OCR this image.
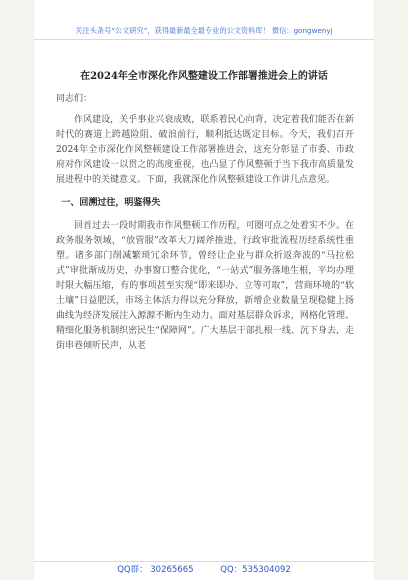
关注头条号“公文研究”，获得最新最全最专业的公文资料库！ 微信：gongwenyj
在2024年全市深化作风整建设工作部署推进会上的讲话

同志们：

作风建设，关乎事业兴衰成败，联系着民心向背，决定着我们能否在新时代的赛道上跨越险阻、破浪前行，顺利抵达既定目标。今天，我们召开2024年全市深化作风整顿建设工作部署推进会，这充分彰显了市委、市政府对作风建设一以贯之的高度重视，也凸显了作风整顿于当下我市高质量发展进程中的关键意义。下面，我就深化作风整顿建设工作讲几点意见。

一、回溯过往，明鉴得失

回首过去一段时期我市作风整顿工作历程，可圈可点之处着实不少。在政务服务领域，“放管服”改革大刀阔斧推进，行政审批流程历经系统性重塑。诸多部门削减繁琐冗余环节，曾经让企业与群众折返奔波的“马拉松式”审批渐成历史，办事窗口整合优化，“一站式”服务落地生根，平均办理时限大幅压缩，有的事项甚至实现“即来即办、立等可取”，营商环境的“软土壤”日益肥沃，市场主体活力得以充分释放，新增企业数量呈现稳健上扬曲线为经济发展注入源源不断内生动力。面对基层群众诉求，网格化管理、精细化服务机制织密民生“保障网”。广大基层干部扎根一线、沉下身去，走街串巷倾听民声，从老

QQ群： 30265665	QQ：535304092
